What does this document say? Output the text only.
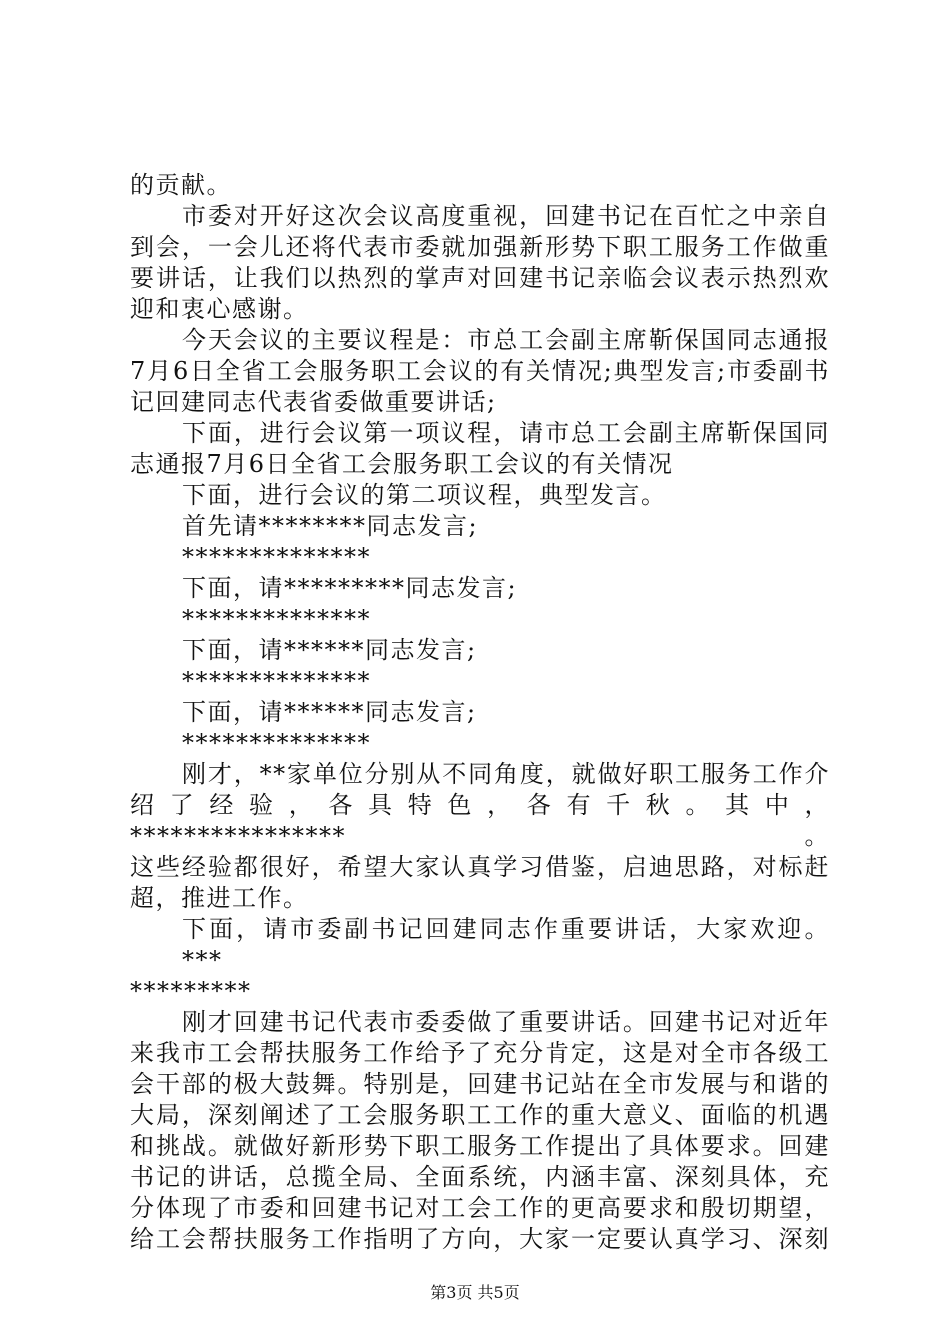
的贡献。
市委对开好这次会议高度重视，回建书记在百忙之中亲自
到会，一会儿还将代表市委就加强新形势下职工服务工作做重
要讲话，让我们以热烈的掌声对回建书记亲临会议表示热烈欢
迎和衷心感谢。
今天会议的主要议程是：市总工会副主席靳保国同志通报
7月6日全省工会服务职工会议的有关情况;典型发言;市委副书
记回建同志代表省委做重要讲话;
下面，进行会议第一项议程，请市总工会副主席靳保国同
志通报7月6日全省工会服务职工会议的有关情况
下面，进行会议的第二项议程，典型发言。
首先请********同志发言;
**************
下面，请*********同志发言;
**************
下面，请******同志发言;
**************
下面，请******同志发言;
**************
刚才，**家单位分别从不同角度，就做好职工服务工作介
绍了经验，各具特色，各有千秋。其中，****************。
这些经验都很好，希望大家认真学习借鉴，启迪思路，对标赶
超，推进工作。
下面，请市委副书记回建同志作重要讲话，大家欢迎。***
*********
刚才回建书记代表市委委做了重要讲话。回建书记对近年
来我市工会帮扶服务工作给予了充分肯定，这是对全市各级工
会干部的极大鼓舞。特别是，回建书记站在全市发展与和谐的
大局，深刻阐述了工会服务职工工作的重大意义、面临的机遇
和挑战。就做好新形势下职工服务工作提出了具体要求。回建
书记的讲话，总揽全局、全面系统，内涵丰富、深刻具体，充
分体现了市委和回建书记对工会工作的更高要求和殷切期望，
给工会帮扶服务工作指明了方向，大家一定要认真学习、深刻
第3页 共5页
